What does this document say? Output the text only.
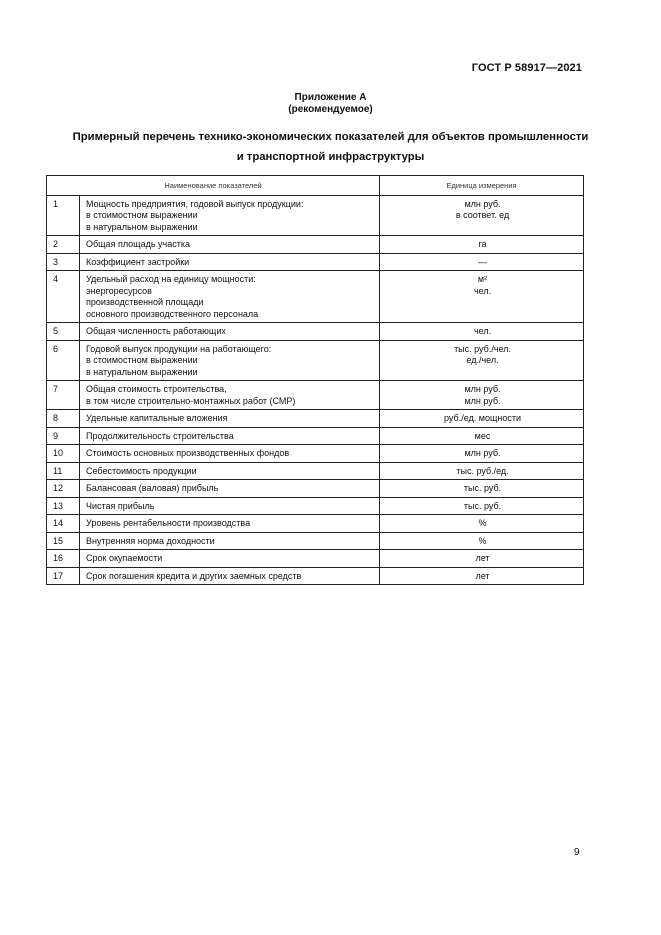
ГОСТ Р 58917—2021
Приложение А
(рекомендуемое)
Примерный перечень технико-экономических показателей для объектов промышленности
и транспортной инфраструктуры
Наименование показателей		Единица измерения
1	Мощность предприятия, годовой выпуск продукции:
в стоимостном выражении
в натуральном выражении	млн руб.
в соответ. ед

2	Общая площадь участка	га

3	Коэффициент застройки	—

4	Удельный расход на единицу мощности:
энергоресурсов
производственной площади
основного производственного персонала	м²
чел.

5	Общая численность работающих	чел.

6	Годовой выпуск продукции на работающего:
в стоимостном выражении
в натуральном выражении	тыс. руб./чел.
ед./чел.

7	Общая стоимость строительства,
в том числе строительно-монтажных работ (СМР)	млн руб.
млн руб.

8	Удельные капитальные вложения	руб./ед. мощности

9	Продолжительность строительства	мес

10	Стоимость основных производственных фондов	млн руб.

11	Себестоимость продукции	тыс. руб./ед.

12	Балансовая (валовая) прибыль	тыс. руб.

13	Чистая прибыль	тыс. руб.

14	Уровень рентабельности производства	%

15	Внутренняя норма доходности	%

16	Срок окупаемости	лет

17	Срок погашения кредита и других заемных средств	лет
9
